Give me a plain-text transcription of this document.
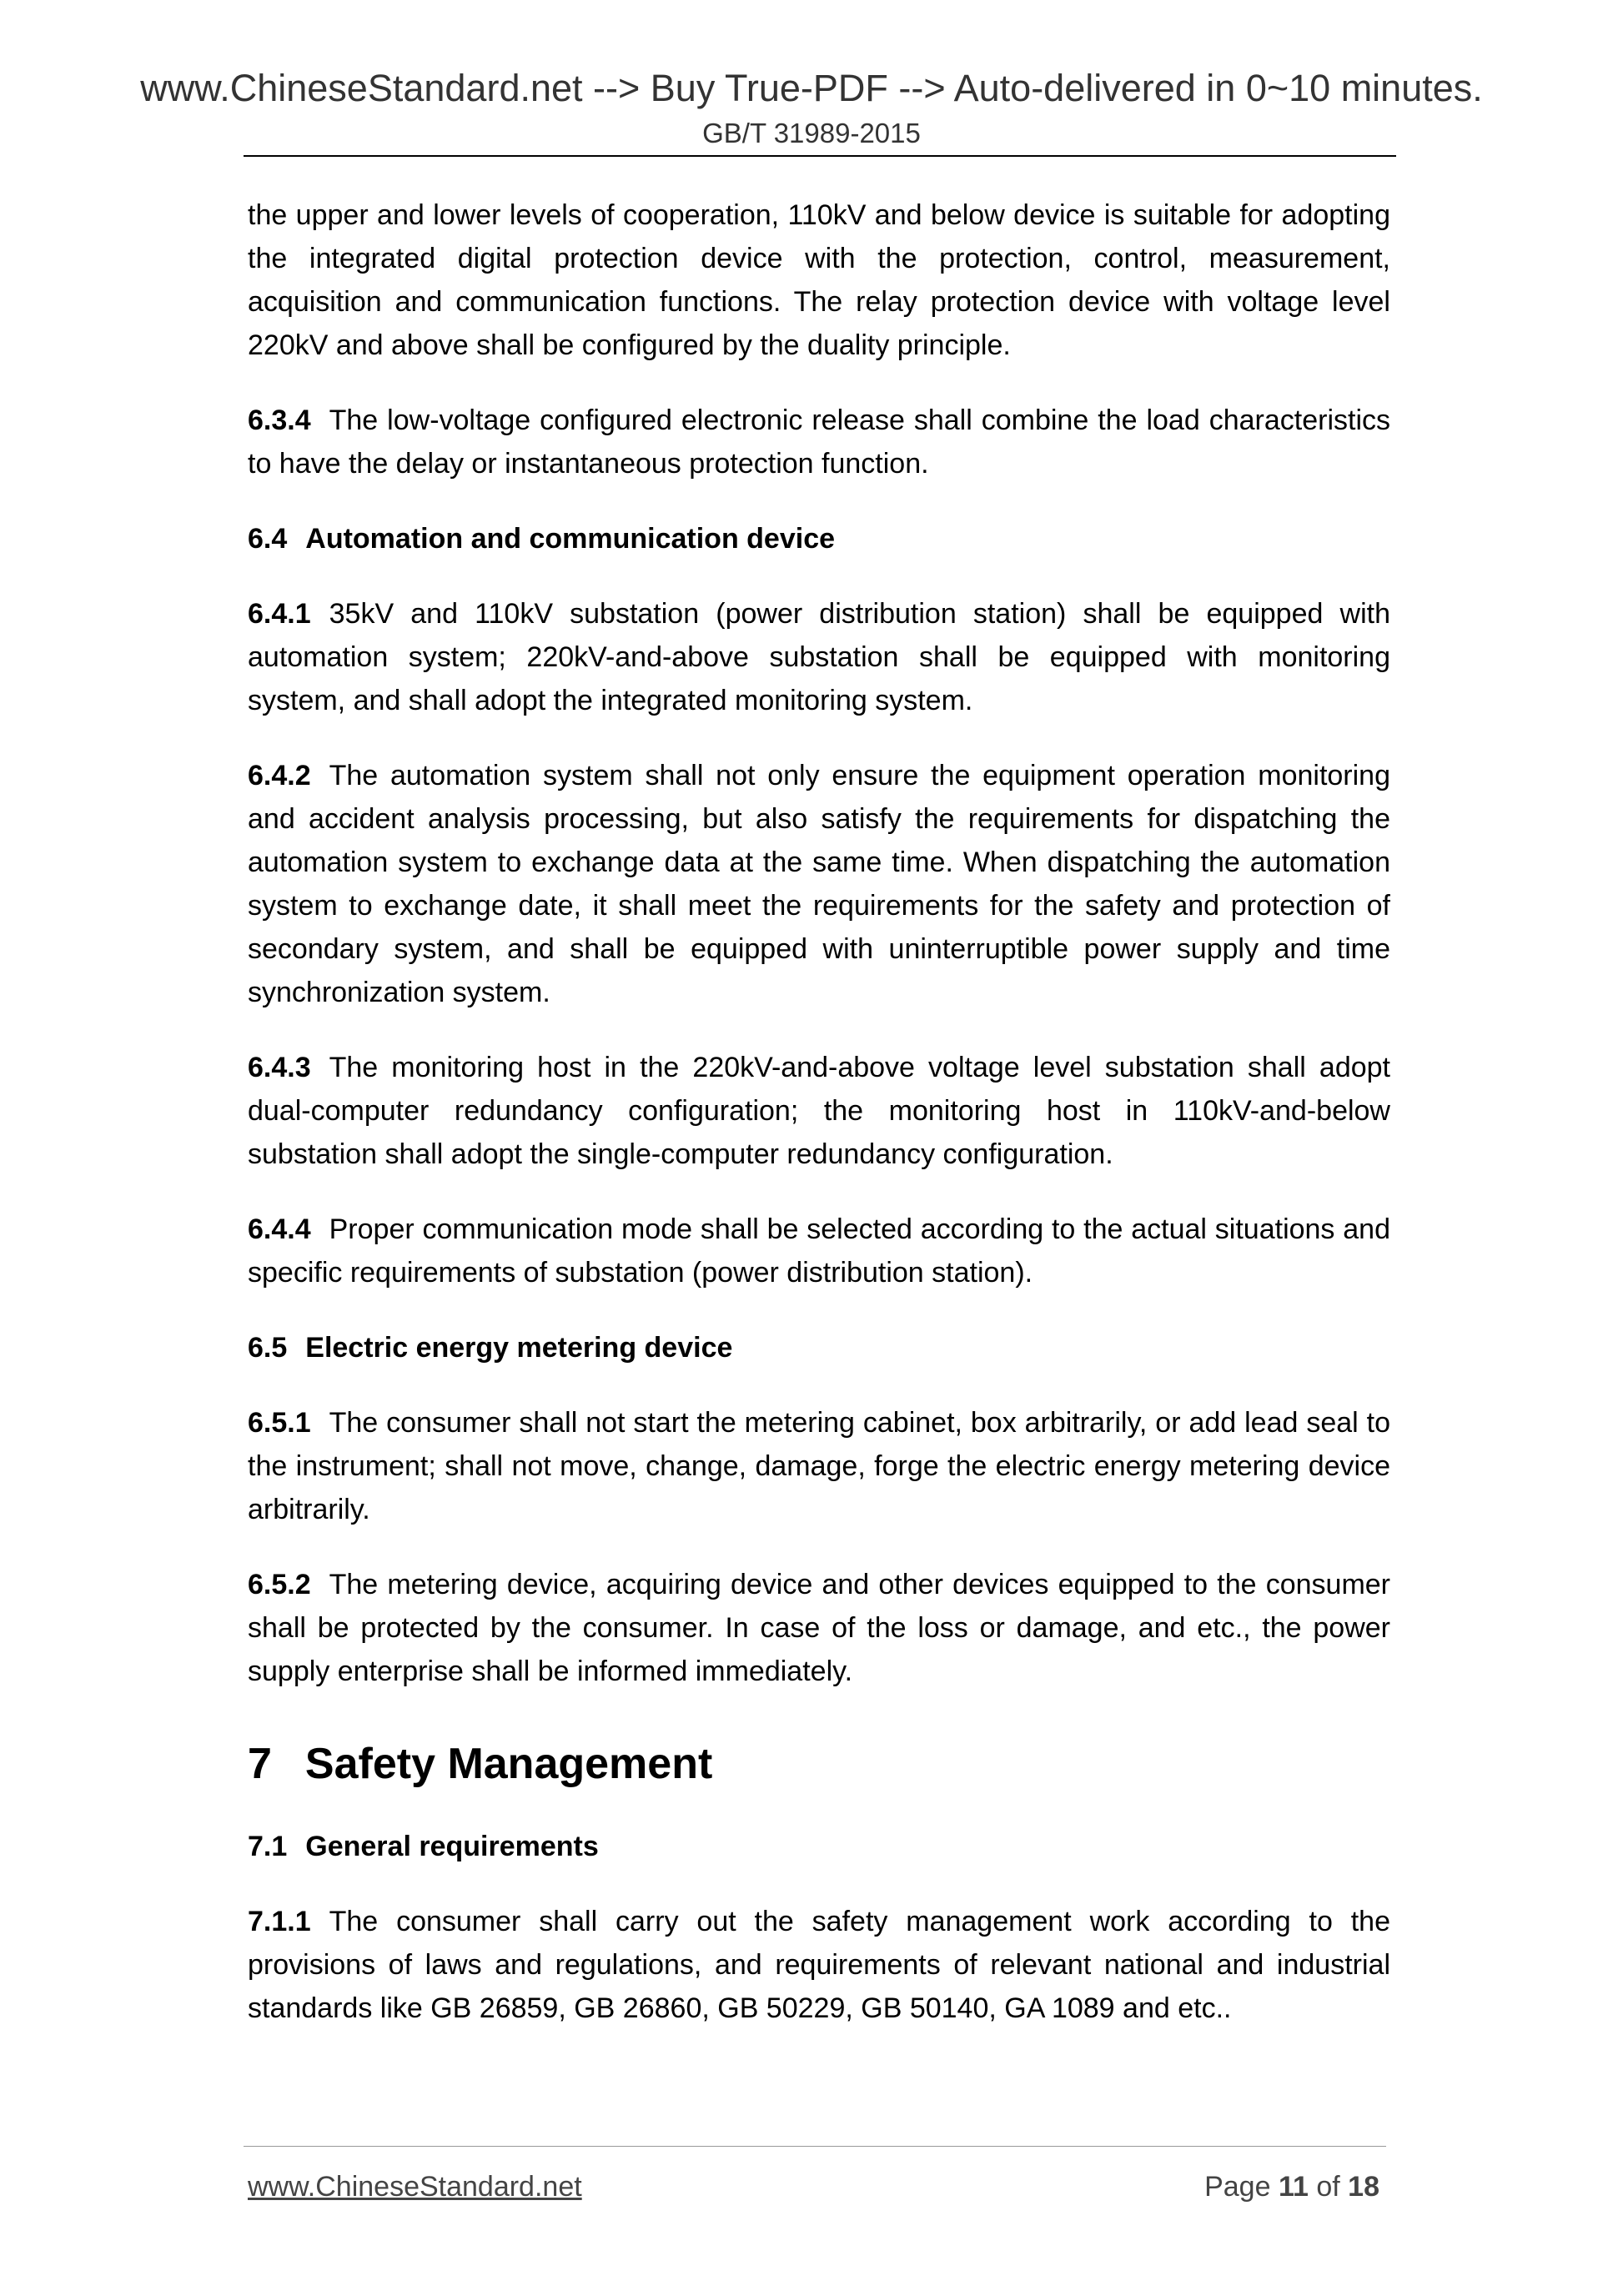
www.ChineseStandard.net --> Buy True-PDF --> Auto-delivered in 0~10 minutes.
GB/T 31989-2015

the upper and lower levels of cooperation, 110kV and below device is suitable for adopting the integrated digital protection device with the protection, control, measurement, acquisition and communication functions. The relay protection device with voltage level 220kV and above shall be configured by the duality principle.

6.3.4 The low-voltage configured electronic release shall combine the load characteristics to have the delay or instantaneous protection function.

6.4 Automation and communication device

6.4.1 35kV and 110kV substation (power distribution station) shall be equipped with automation system; 220kV-and-above substation shall be equipped with monitoring system, and shall adopt the integrated monitoring system.

6.4.2 The automation system shall not only ensure the equipment operation monitoring and accident analysis processing, but also satisfy the requirements for dispatching the automation system to exchange data at the same time. When dispatching the automation system to exchange date, it shall meet the requirements for the safety and protection of secondary system, and shall be equipped with uninterruptible power supply and time synchronization system.

6.4.3 The monitoring host in the 220kV-and-above voltage level substation shall adopt dual-computer redundancy configuration; the monitoring host in 110kV-and-below substation shall adopt the single-computer redundancy configuration.

6.4.4 Proper communication mode shall be selected according to the actual situations and specific requirements of substation (power distribution station).

6.5 Electric energy metering device

6.5.1 The consumer shall not start the metering cabinet, box arbitrarily, or add lead seal to the instrument; shall not move, change, damage, forge the electric energy metering device arbitrarily.

6.5.2 The metering device, acquiring device and other devices equipped to the consumer shall be protected by the consumer. In case of the loss or damage, and etc., the power supply enterprise shall be informed immediately.

7 Safety Management
7.1 General requirements

7.1.1 The consumer shall carry out the safety management work according to the provisions of laws and regulations, and requirements of relevant national and industrial standards like GB 26859, GB 26860, GB 50229, GB 50140, GA 1089 and etc..

www.ChineseStandard.net	Page 11 of 18
